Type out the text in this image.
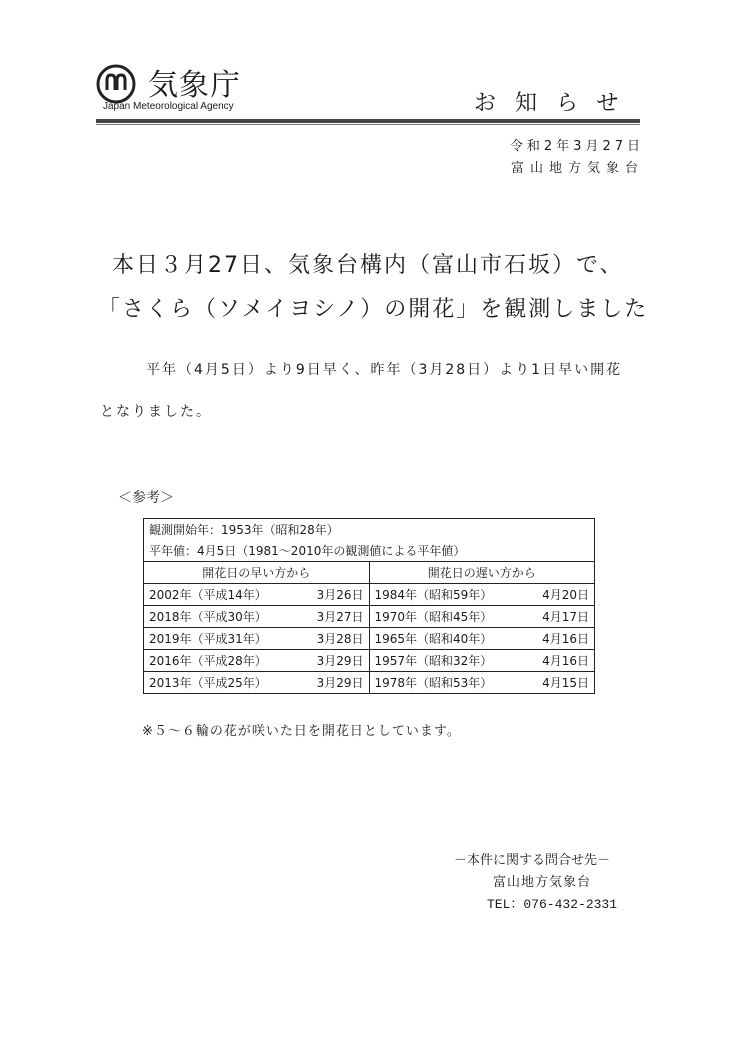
気象庁
Japan Meteorological Agency	お知らせ
令和2年3月27日
富山地方気象台
本日３月27日、気象台構内（富山市石坂）で、
「さくら（ソメイヨシノ）の開花」を観測しました
平年（4月5日）より9日早く、昨年（3月28日）より1日早い開花
となりました。
＜参考＞
観測開始年：1953年（昭和28年）	
平年値：4月5日（1981～2010年の観測値による平年値）	
開花日の早い方から	開花日の遅い方から

2002年（平成14年） 3月26日	1984年（昭和59年） 4月20日

2018年（平成30年） 3月27日	1970年（昭和45年） 4月17日

2019年（平成31年） 3月28日	1965年（昭和40年） 4月16日

2016年（平成28年） 3月29日	1957年（昭和32年） 4月16日

2013年（平成25年） 3月29日	1978年（昭和53年） 4月15日
※５～６輪の花が咲いた日を開花日としています。
－本件に関する問合せ先－
富山地方気象台
TEL：076-432-2331
